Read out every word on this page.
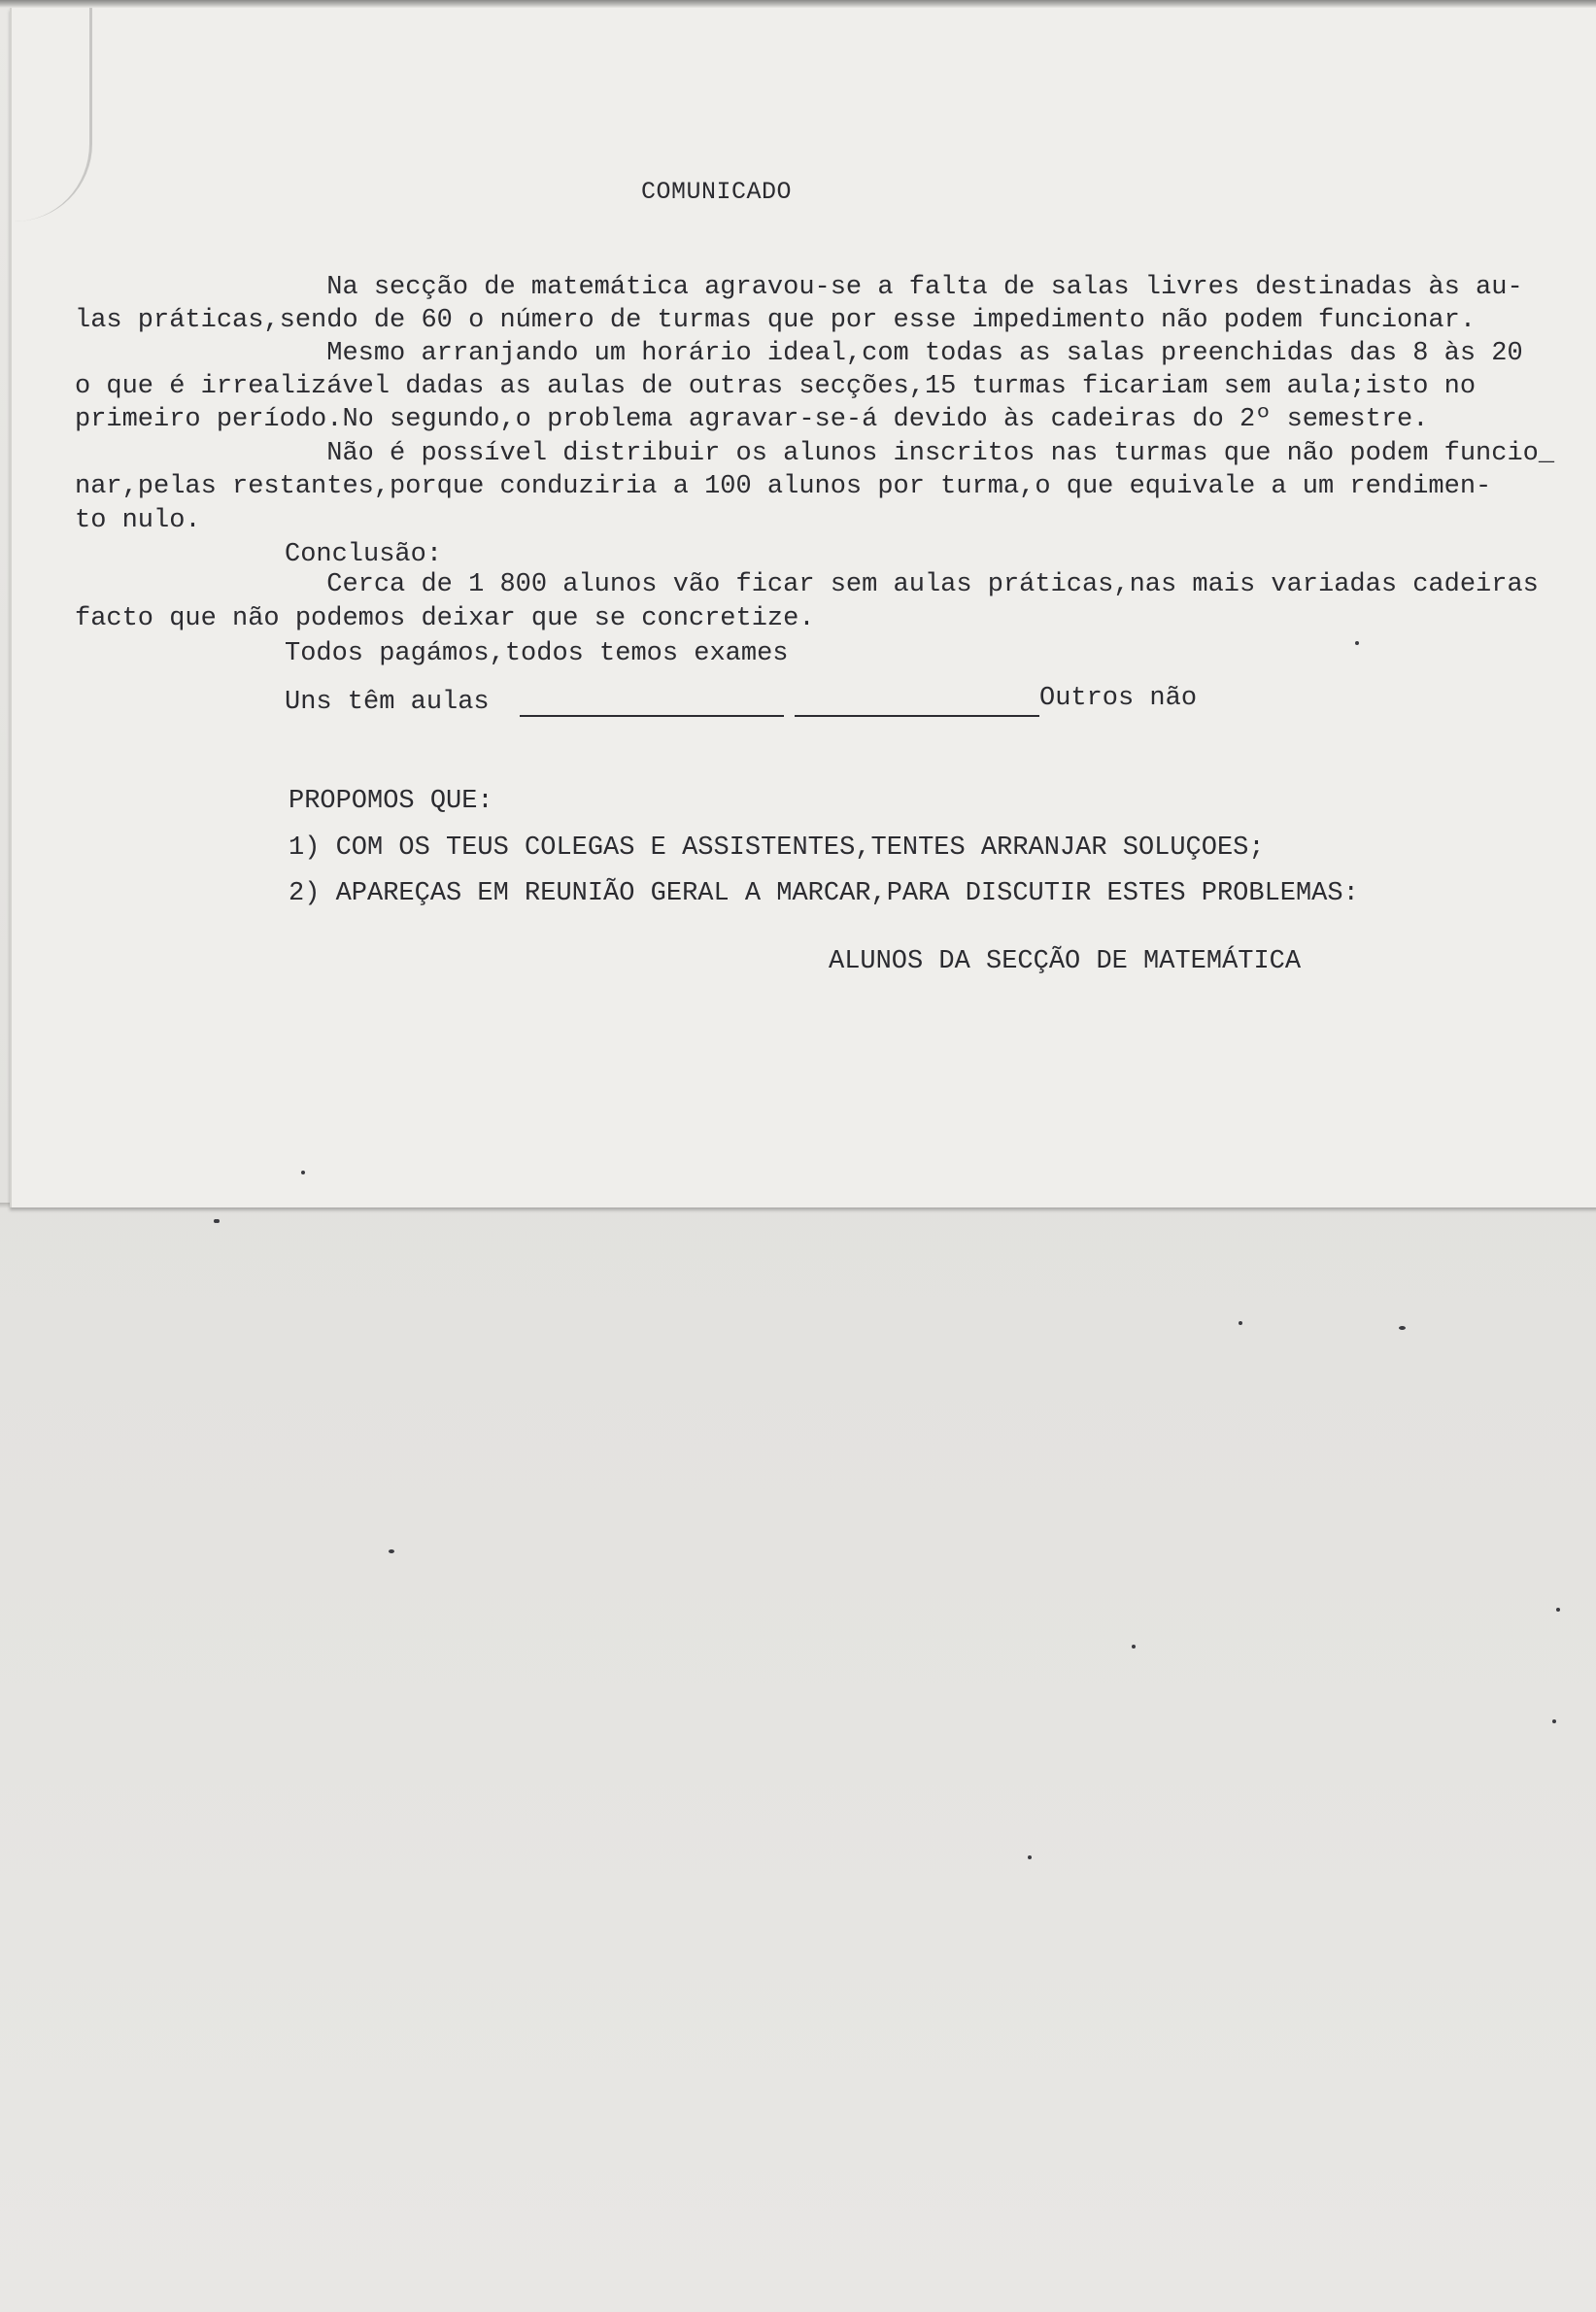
COMUNICADO
Na secção de matemática agravou-se a falta de salas livres destinadas às au-
las práticas,sendo de 60 o número de turmas que por esse impedimento não podem funcionar.
Mesmo arranjando um horário ideal,com todas as salas preenchidas das 8 às 20
o que é irrealizável dadas as aulas de outras secções,15 turmas ficariam sem aula;isto no
primeiro período.No segundo,o problema agravar-se-á devido às cadeiras do 2º semestre.
Não é possível distribuir os alunos inscritos nas turmas que não podem funcio_
nar,pelas restantes,porque conduziria a 100 alunos por turma,o que equivale a um rendimen-
to nulo.
Conclusão:
Cerca de 1 800 alunos vão ficar sem aulas práticas,nas mais variadas cadeiras
facto que não podemos deixar que se concretize.
Todos pagámos,todos temos exames
Uns têm aulas	Outros não
PROPOMOS QUE:
1) COM OS TEUS COLEGAS E ASSISTENTES,TENTES ARRANJAR SOLUÇOES;
2) APAREÇAS EM REUNIÃO GERAL A MARCAR,PARA DISCUTIR ESTES PROBLEMAS:
ALUNOS DA SECÇÃO DE MATEMÁTICA
